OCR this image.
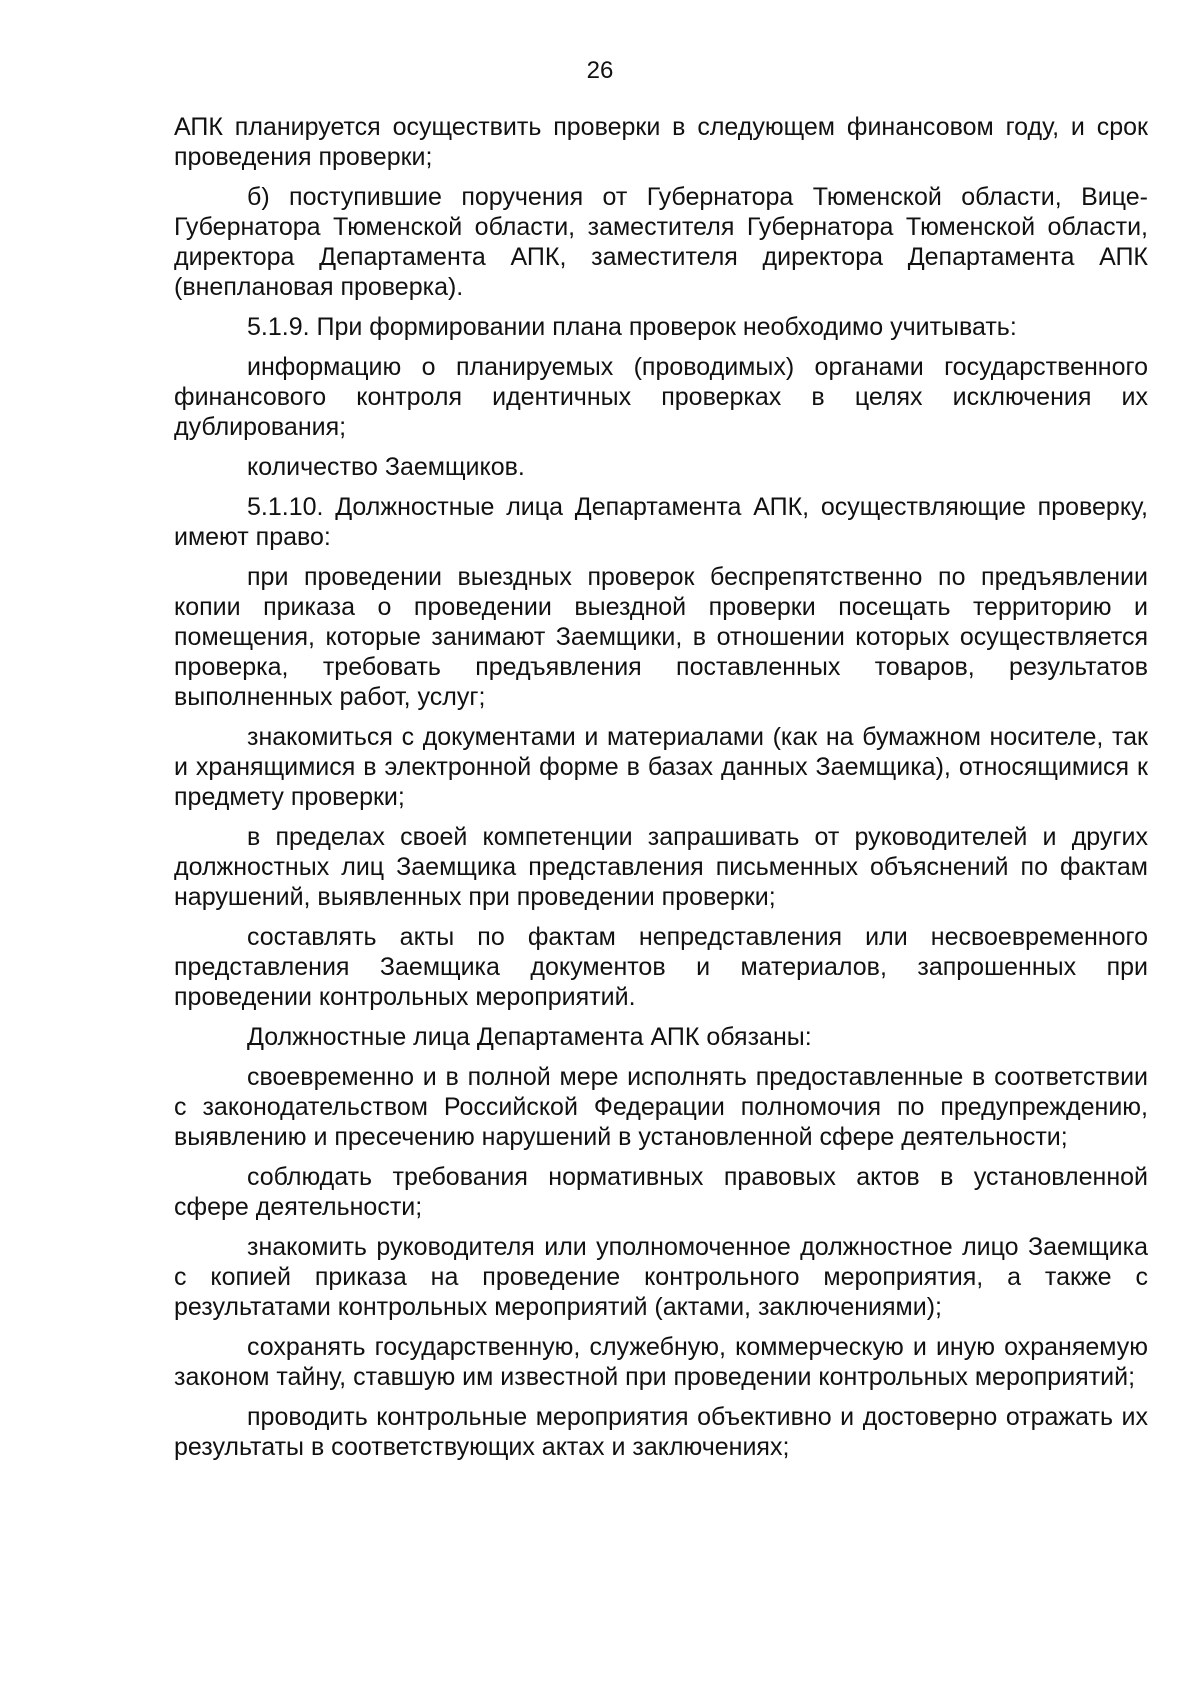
26

АПК планируется осуществить проверки в следующем финансовом году, и срок проведения проверки;

б) поступившие поручения от Губернатора Тюменской области, Вице-Губернатора Тюменской области, заместителя Губернатора Тюменской области, директора Департамента АПК, заместителя директора Департамента АПК (внеплановая проверка).

5.1.9. При формировании плана проверок необходимо учитывать:

информацию о планируемых (проводимых) органами государственного финансового контроля идентичных проверках в целях исключения их дублирования;

количество Заемщиков.

5.1.10. Должностные лица Департамента АПК, осуществляющие проверку, имеют право:

при проведении выездных проверок беспрепятственно по предъявлении копии приказа о проведении выездной проверки посещать территорию и помещения, которые занимают Заемщики, в отношении которых осуществляется проверка, требовать предъявления поставленных товаров, результатов выполненных работ, услуг;

знакомиться с документами и материалами (как на бумажном носителе, так и хранящимися в электронной форме в базах данных Заемщика), относящимися к предмету проверки;

в пределах своей компетенции запрашивать от руководителей и других должностных лиц Заемщика представления письменных объяснений по фактам нарушений, выявленных при проведении проверки;

составлять акты по фактам непредставления или несвоевременного представления Заемщика документов и материалов, запрошенных при проведении контрольных мероприятий.

Должностные лица Департамента АПК обязаны:

своевременно и в полной мере исполнять предоставленные в соответствии с законодательством Российской Федерации полномочия по предупреждению, выявлению и пресечению нарушений в установленной сфере деятельности;

соблюдать требования нормативных правовых актов в установленной сфере деятельности;

знакомить руководителя или уполномоченное должностное лицо Заемщика с копией приказа на проведение контрольного мероприятия, а также с результатами контрольных мероприятий (актами, заключениями);

сохранять государственную, служебную, коммерческую и иную охраняемую законом тайну, ставшую им известной при проведении контрольных мероприятий;

проводить контрольные мероприятия объективно и достоверно отражать их результаты в соответствующих актах и заключениях;
